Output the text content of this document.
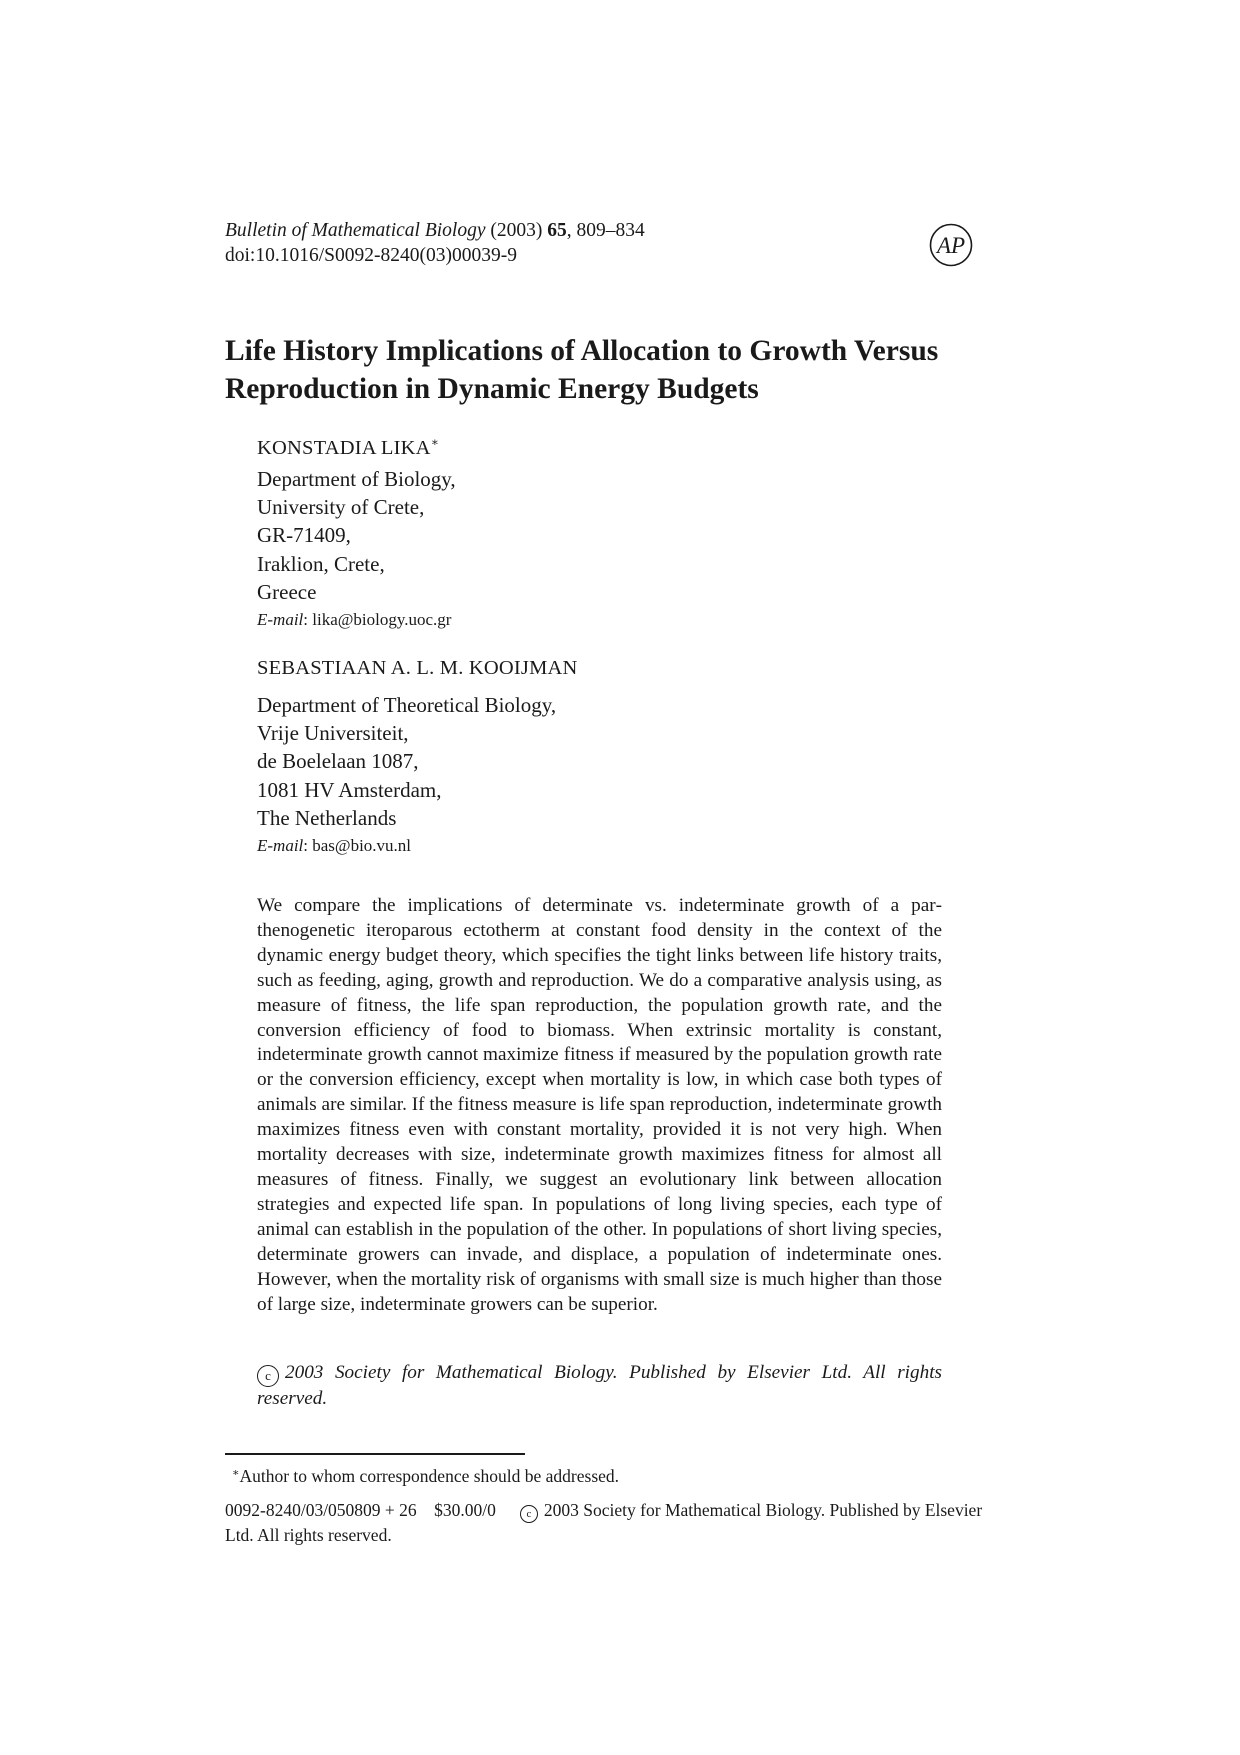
Bulletin of Mathematical Biology (2003) 65, 809–834
doi:10.1016/S0092-8240(03)00039-9	AP
Life History Implications of Allocation to Growth Versus
Reproduction in Dynamic Energy Budgets
KONSTADIA LIKA∗
Department of Biology,
University of Crete,
GR-71409,
Iraklion, Crete,
Greece
E-mail: lika@biology.uoc.gr
SEBASTIAAN A. L. M. KOOIJMAN
Department of Theoretical Biology,
Vrije Universiteit,
de Boelelaan 1087,
1081 HV Amsterdam,
The Netherlands
E-mail: bas@bio.vu.nl
We compare the implications of determinate vs. indeterminate growth of a parthenogenetic iteroparous ectotherm at constant food density in the context of the dynamic energy budget theory, which specifies the tight links between life history traits, such as feeding, aging, growth and reproduction. We do a comparative analysis using, as measure of fitness, the life span reproduction, the population growth rate, and the conversion efficiency of food to biomass. When extrinsic mortality is constant, indeterminate growth cannot maximize fitness if measured by the population growth rate or the conversion efficiency, except when mortality is low, in which case both types of animals are similar. If the fitness measure is life span reproduction, indeterminate growth maximizes fitness even with constant mortality, provided it is not very high. When mortality decreases with size, indeterminate growth maximizes fitness for almost all measures of fitness. Finally, we suggest an evolutionary link between allocation strategies and expected life span. In populations of long living species, each type of animal can establish in the population of the other. In populations of short living species, determinate growers can invade, and displace, a population of indeterminate ones. However, when the mortality risk of organisms with small size is much higher than those of large size, indeterminate growers can be superior.
c 2003 Society for Mathematical Biology. Published by Elsevier Ltd. All rights reserved.
∗Author to whom correspondence should be addressed.
0092-8240/03/050809 + 26    $30.00/0	c 2003 Society for Mathematical Biology. Published by Elsevier Ltd. All rights reserved.
